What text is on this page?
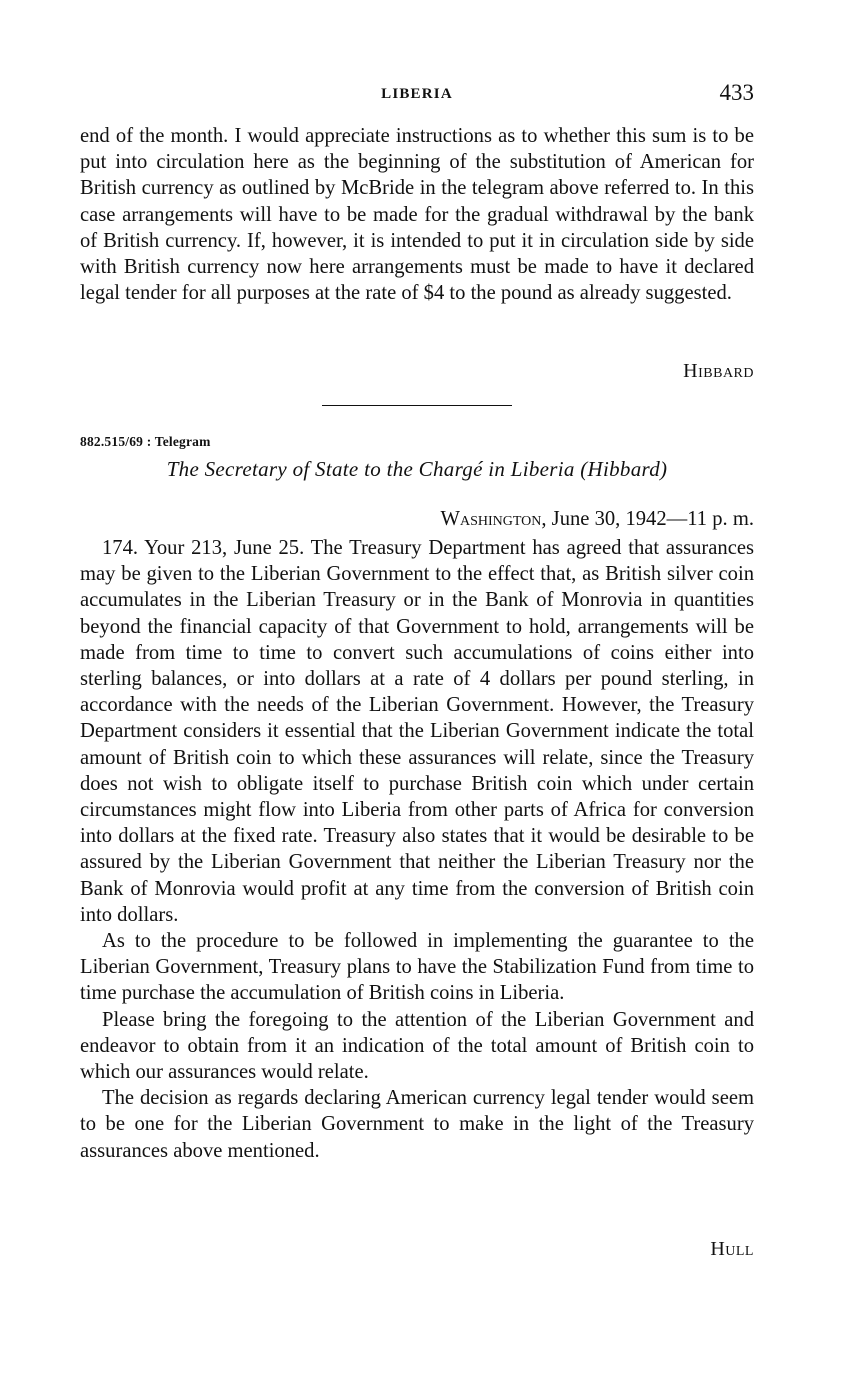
LIBERIA	433

end of the month. I would appreciate instructions as to whether this sum is to be put into circulation here as the beginning of the substitution of American for British currency as outlined by McBride in the telegram above referred to. In this case arrangements will have to be made for the gradual withdrawal by the bank of British currency. If, however, it is intended to put it in circulation side by side with British currency now here arrangements must be made to have it declared legal tender for all purposes at the rate of $4 to the pound as already suggested.

Hibbard
882.515/69 : Telegram
The Secretary of State to the Chargé in Liberia (Hibbard)
Washington, June 30, 1942—11 p. m.

174. Your 213, June 25. The Treasury Department has agreed that assurances may be given to the Liberian Government to the effect that, as British silver coin accumulates in the Liberian Treasury or in the Bank of Monrovia in quantities beyond the financial capacity of that Government to hold, arrangements will be made from time to time to convert such accumulations of coins either into sterling balances, or into dollars at a rate of 4 dollars per pound sterling, in accordance with the needs of the Liberian Government. However, the Treasury Department considers it essential that the Liberian Government indicate the total amount of British coin to which these assurances will relate, since the Treasury does not wish to obligate itself to purchase British coin which under certain circumstances might flow into Liberia from other parts of Africa for conversion into dollars at the fixed rate. Treasury also states that it would be desirable to be assured by the Liberian Government that neither the Liberian Treasury nor the Bank of Monrovia would profit at any time from the conversion of British coin into dollars.

As to the procedure to be followed in implementing the guarantee to the Liberian Government, Treasury plans to have the Stabilization Fund from time to time purchase the accumulation of British coins in Liberia.

Please bring the foregoing to the attention of the Liberian Government and endeavor to obtain from it an indication of the total amount of British coin to which our assurances would relate.

The decision as regards declaring American currency legal tender would seem to be one for the Liberian Government to make in the light of the Treasury assurances above mentioned.

Hull
